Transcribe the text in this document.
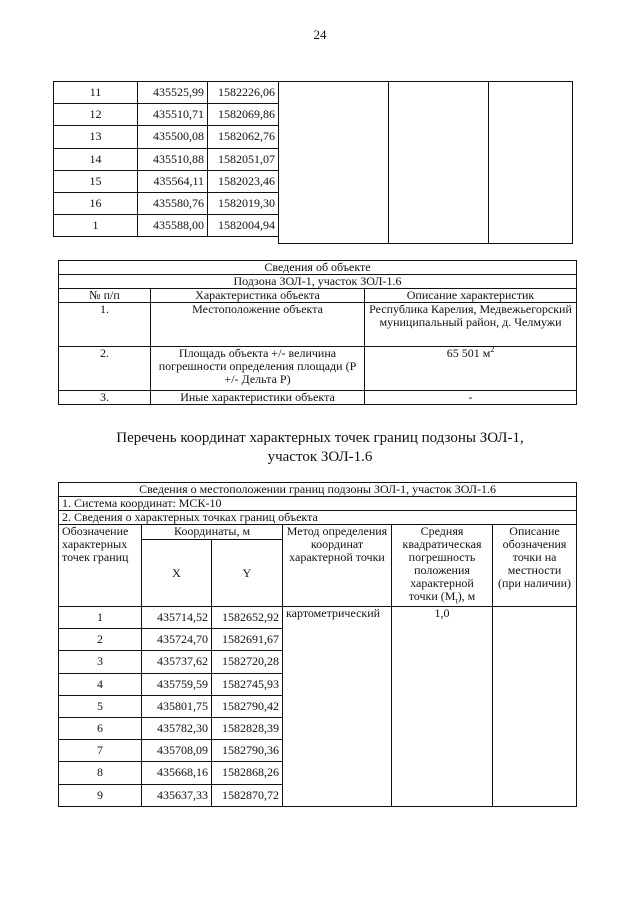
24
11	435525,99	1582226,06
12	435510,71	1582069,86
13	435500,08	1582062,76
14	435510,88	1582051,07
15	435564,11	1582023,46
16	435580,76	1582019,30
1	435588,00	1582004,94
Сведения об объекте		
Подзона ЗОЛ-1, участок ЗОЛ-1.6		
№ п/п	Характеристика объекта	Описание характеристик
1.	Местоположение объекта	Республика Карелия, Медвежьегорский муниципальный район, д. Челмужи
2.	Площадь объекта +/- величина погрешности определения площади (Р +/- Дельта Р)	65 501 $м^2$
3.	Иные характеристики объекта	-
Перечень координат характерных точек границ подзоны ЗОЛ-1,
участок ЗОЛ-1.6
Сведения о местоположении границ подзоны ЗОЛ-1, участок ЗОЛ-1.6					
1. Система координат: МСК-10					
2. Сведения о характерных точках границ объекта					
Обозначение характерных точек границ	Координаты, м		Метод определения координат характерной точки	Средняя квадратическая погрешность положения характерной точки $(M_t)$, м	Описание обозначения точки на местности (при наличии)
	X	Y			
1	435714,52	1582652,92	картометрический	1,0	
2	435724,70	1582691,67			
3	435737,62	1582720,28			
4	435759,59	1582745,93			
5	435801,75	1582790,42			
6	435782,30	1582828,39			
7	435708,09	1582790,36			
8	435668,16	1582868,26			
9	435637,33	1582870,72			
